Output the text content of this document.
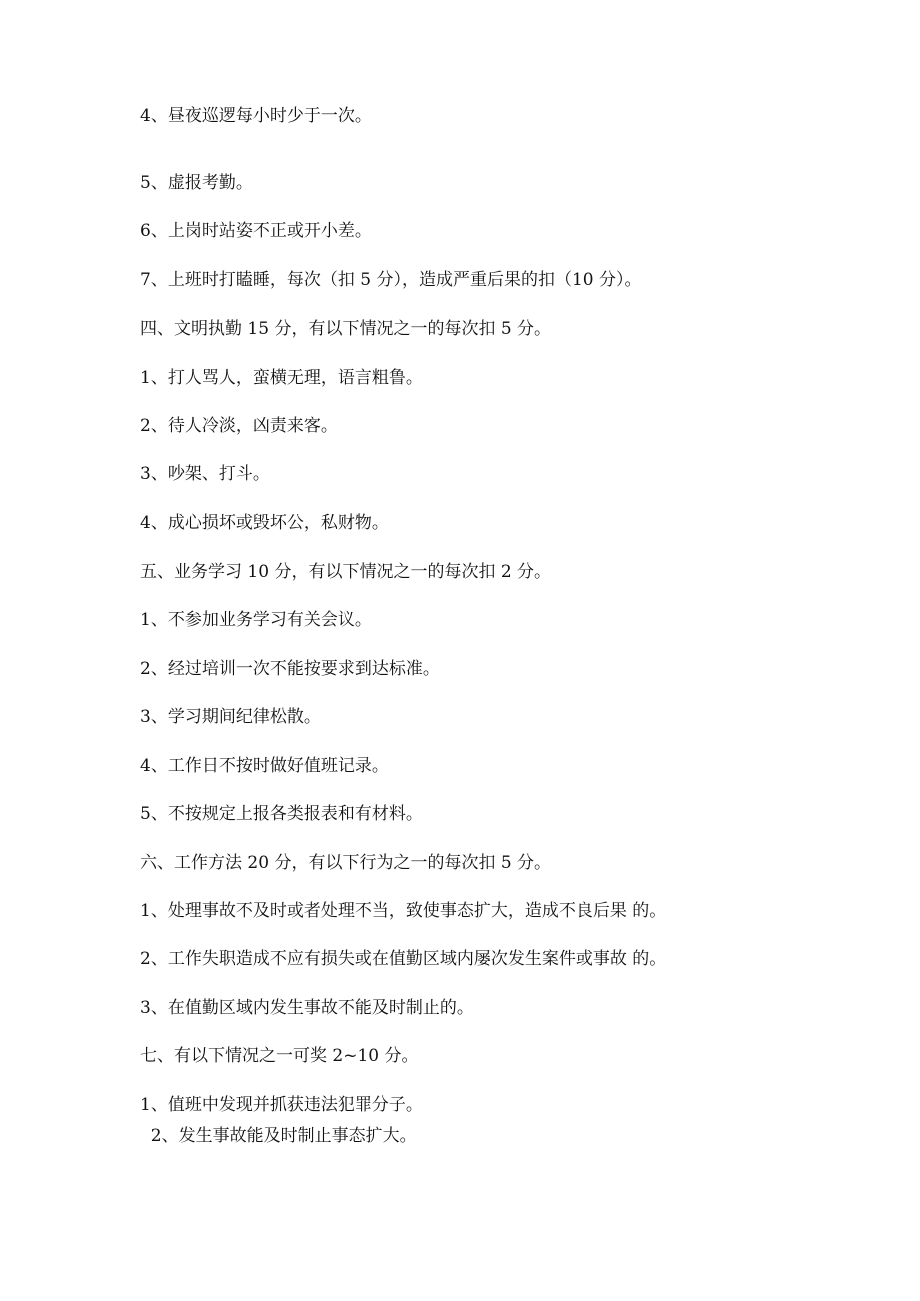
4、昼夜巡逻每小时少于一次。
5、虚报考勤。
6、上岗时站姿不正或开小差。
7、上班时打瞌睡，每次（扣 5 分），造成严重后果的扣（10 分）。
四、文明执勤 15 分，有以下情况之一的每次扣 5 分。
1、打人骂人，蛮横无理，语言粗鲁。
2、待人冷淡，凶责来客。
3、吵架、打斗。
4、成心损坏或毁坏公，私财物。
五、业务学习 10 分，有以下情况之一的每次扣 2 分。
1、不参加业务学习有关会议。
2、经过培训一次不能按要求到达标准。
3、学习期间纪律松散。
4、工作日不按时做好值班记录。
5、不按规定上报各类报表和有材料。
六、工作方法 20 分，有以下行为之一的每次扣 5 分。
1、处理事故不及时或者处理不当，致使事态扩大，造成不良后果 的。
2、工作失职造成不应有损失或在值勤区域内屡次发生案件或事故 的。
3、在值勤区域内发生事故不能及时制止的。
七、有以下情况之一可奖 2~10 分。
1、值班中发现并抓获违法犯罪分子。
2、发生事故能及时制止事态扩大。
